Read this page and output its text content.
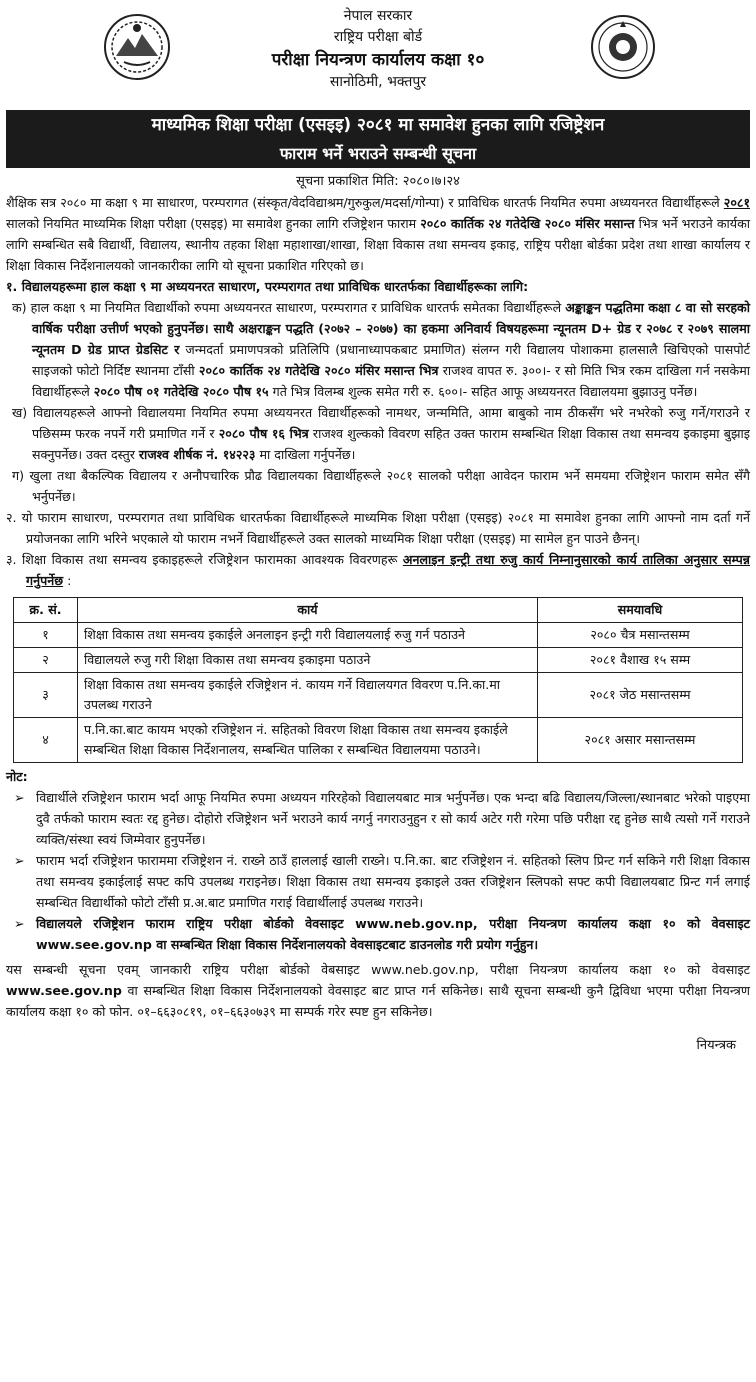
नेपाल सरकार
राष्ट्रिय परीक्षा बोर्ड
परीक्षा नियन्त्रण कार्यालय कक्षा १०
सानोठिमी, भक्तपुर
माध्यमिक शिक्षा परीक्षा (एसइइ) २०८१ मा समावेश हुनका लागि रजिष्ट्रेशन
फाराम भर्ने भराउने सम्बन्धी सूचना
सूचना प्रकाशित मिति: २०८०।७।२४

शैक्षिक सत्र २०८० मा कक्षा ९ मा साधारण, परम्परागत (संस्कृत/वेदविद्याश्रम/गुरुकुल/मदर्सा/गोन्पा) र प्राविधिक धारतर्फ नियमित रुपमा अध्ययनरत विद्यार्थीहरूले २०८१ सालको नियमित माध्यमिक शिक्षा परीक्षा (एसइइ) मा समावेश हुनका लागि रजिष्ट्रेशन फाराम २०८० कार्तिक २४ गतेदेखि २०८० मंसिर मसान्त भित्र भर्ने भराउने कार्यका लागि सम्बन्धित सबै विद्यार्थी, विद्यालय, स्थानीय तहका शिक्षा महाशाखा/शाखा, शिक्षा विकास तथा समन्वय इकाइ, राष्ट्रिय परीक्षा बोर्डका प्रदेश तथा शाखा कार्यालय र शिक्षा विकास निर्देशनालयको जानकारीका लागि यो सूचना प्रकाशित गरिएको छ।

१. विद्यालयहरूमा हाल कक्षा ९ मा अध्ययनरत साधारण, परम्परागत तथा प्राविधिक धारतर्फका विद्यार्थीहरूका लागि:

क) हाल कक्षा ९ मा नियमित विद्यार्थीको रुपमा अध्ययनरत साधारण, परम्परागत र प्राविधिक धारतर्फ समेतका विद्यार्थीहरूले अङ्काङ्कन पद्धतिमा कक्षा ८ वा सो सरहको वार्षिक परीक्षा उत्तीर्ण भएको हुनुपर्नेछ। साथै अक्षराङ्कन पद्धति (२०७२ – २०७७) का हकमा अनिवार्य विषयहरूमा न्यूनतम D+ ग्रेड र २०७८ र २०७९ सालमा न्यूनतम D ग्रेड प्राप्त ग्रेडसिट र जन्मदर्ता प्रमाणपत्रको प्रतिलिपि (प्रधानाध्यापकबाट प्रमाणित) संलग्न गरी विद्यालय पोशाकमा हालसालै खिचिएको पासपोर्ट साइजको फोटो निर्दिष्ट स्थानमा टाँसी २०८० कार्तिक २४ गतेदेखि २०८० मंसिर मसान्त भित्र राजश्व वापत रु. ३००।- र सो मिति भित्र रकम दाखिला गर्न नसकेमा विद्यार्थीहरूले २०८० पौष ०१ गतेदेखि २०८० पौष १५ गते भित्र विलम्ब शुल्क समेत गरी रु. ६००।- सहित आफू अध्ययनरत विद्यालयमा बुझाउनु पर्नेछ।

ख) विद्यालयहरूले आफ्नो विद्यालयमा नियमित रुपमा अध्ययनरत विद्यार्थीहरूको नामथर, जन्ममिति, आमा बाबुको नाम ठीकसँग भरे नभरेको रुजु गर्ने/गराउने र पछिसम्म फरक नपर्ने गरी प्रमाणित गर्ने र २०८० पौष १६ भित्र राजश्व शुल्कको विवरण सहित उक्त फाराम सम्बन्धित शिक्षा विकास तथा समन्वय इकाइमा बुझाइ सक्नुपर्नेछ। उक्त दस्तुर राजश्व शीर्षक नं. १४२२३ मा दाखिला गर्नुपर्नेछ।

ग) खुला तथा बैकल्पिक विद्यालय र अनौपचारिक प्रौढ विद्यालयका विद्यार्थीहरूले २०८१ सालको परीक्षा आवेदन फाराम भर्ने समयमा रजिष्ट्रेशन फाराम समेत सँगै भर्नुपर्नेछ।

२. यो फाराम साधारण, परम्परागत तथा प्राविधिक धारतर्फका विद्यार्थीहरूले माध्यमिक शिक्षा परीक्षा (एसइइ) २०८१ मा समावेश हुनका लागि आफ्नो नाम दर्ता गर्ने प्रयोजनका लागि भरिने भएकाले यो फाराम नभर्ने विद्यार्थीहरूले उक्त सालको माध्यमिक शिक्षा परीक्षा (एसइइ) मा सामेल हुन पाउने छैनन्।

३. शिक्षा विकास तथा समन्वय इकाइहरूले रजिष्ट्रेशन फारामका आवश्यक विवरणहरू अनलाइन इन्ट्री तथा रुजु कार्य निम्नानुसारको कार्य तालिका अनुसार सम्पन्न गर्नुपर्नेछ :

क्र. सं.	कार्य	समयावधि
१	शिक्षा विकास तथा समन्वय इकाईले अनलाइन इन्ट्री गरी विद्यालयलाई रुजु गर्न पठाउने	२०८० चैत्र मसान्तसम्म
२	विद्यालयले रुजु गरी शिक्षा विकास तथा समन्वय इकाइमा पठाउने	२०८१ वैशाख १५ सम्म
३	शिक्षा विकास तथा समन्वय इकाईले रजिष्ट्रेशन नं. कायम गर्ने विद्यालयगत विवरण प.नि.का.मा उपलब्ध गराउने	२०८१ जेठ मसान्तसम्म
४	प.नि.का.बाट कायम भएको रजिष्ट्रेशन नं. सहितको विवरण शिक्षा विकास तथा समन्वय इकाईले सम्बन्धित शिक्षा विकास निर्देशनालय, सम्बन्धित पालिका र सम्बन्धित विद्यालयमा पठाउने।	२०८१ असार मसान्तसम्म
नोट:

➢ विद्यार्थीले रजिष्ट्रेशन फाराम भर्दा आफू नियमित रुपमा अध्ययन गरिरहेको विद्यालयबाट मात्र भर्नुपर्नेछ। एक भन्दा बढि विद्यालय/जिल्ला/स्थानबाट भरेको पाइएमा दुवै तर्फको फाराम स्वतः रद्द हुनेछ। दोहोरो रजिष्ट्रेशन भर्ने भराउने कार्य नगर्नु नगराउनुहुन र सो कार्य अटेर गरी गरेमा पछि परीक्षा रद्द हुनेछ साथै त्यसो गर्ने गराउने व्यक्ति/संस्था स्वयं जिम्मेवार हुनुपर्नेछ।

➢ फाराम भर्दा रजिष्ट्रेशन फाराममा रजिष्ट्रेशन नं. राख्ने ठाउँ हाललाई खाली राख्ने। प.नि.का. बाट रजिष्ट्रेशन नं. सहितको स्लिप प्रिन्ट गर्न सकिने गरी शिक्षा विकास तथा समन्वय इकाईलाई सफ्ट कपि उपलब्ध गराइनेछ। शिक्षा विकास तथा समन्वय इकाइले उक्त रजिष्ट्रेशन स्लिपको सफ्ट कपी विद्यालयबाट प्रिन्ट गर्न लगाई सम्बन्धित विद्यार्थीको फोटो टाँसी प्र.अ.बाट प्रमाणित गराई विद्यार्थीलाई उपलब्ध गराउने।

➢ विद्यालयले रजिष्ट्रेशन फाराम राष्ट्रिय परीक्षा बोर्डको वेवसाइट www.neb.gov.np, परीक्षा नियन्त्रण कार्यालय कक्षा १० को वेवसाइट www.see.gov.np वा सम्बन्धित शिक्षा विकास निर्देशनालयको वेवसाइटबाट डाउनलोड गरी प्रयोग गर्नुहुन।

यस सम्बन्धी सूचना एवम् जानकारी राष्ट्रिय परीक्षा बोर्डको वेबसाइट www.neb.gov.np, परीक्षा नियन्त्रण कार्यालय कक्षा १० को वेवसाइट www.see.gov.np वा सम्बन्धित शिक्षा विकास निर्देशनालयको वेवसाइट बाट प्राप्त गर्न सकिनेछ। साथै सूचना सम्बन्धी कुनै द्विविधा भएमा परीक्षा नियन्त्रण कार्यालय कक्षा १० को फोन. ०१–६६३०८१९, ०१–६६३०७३९ मा सम्पर्क गरेर स्पष्ट हुन सकिनेछ।

नियन्त्रक
